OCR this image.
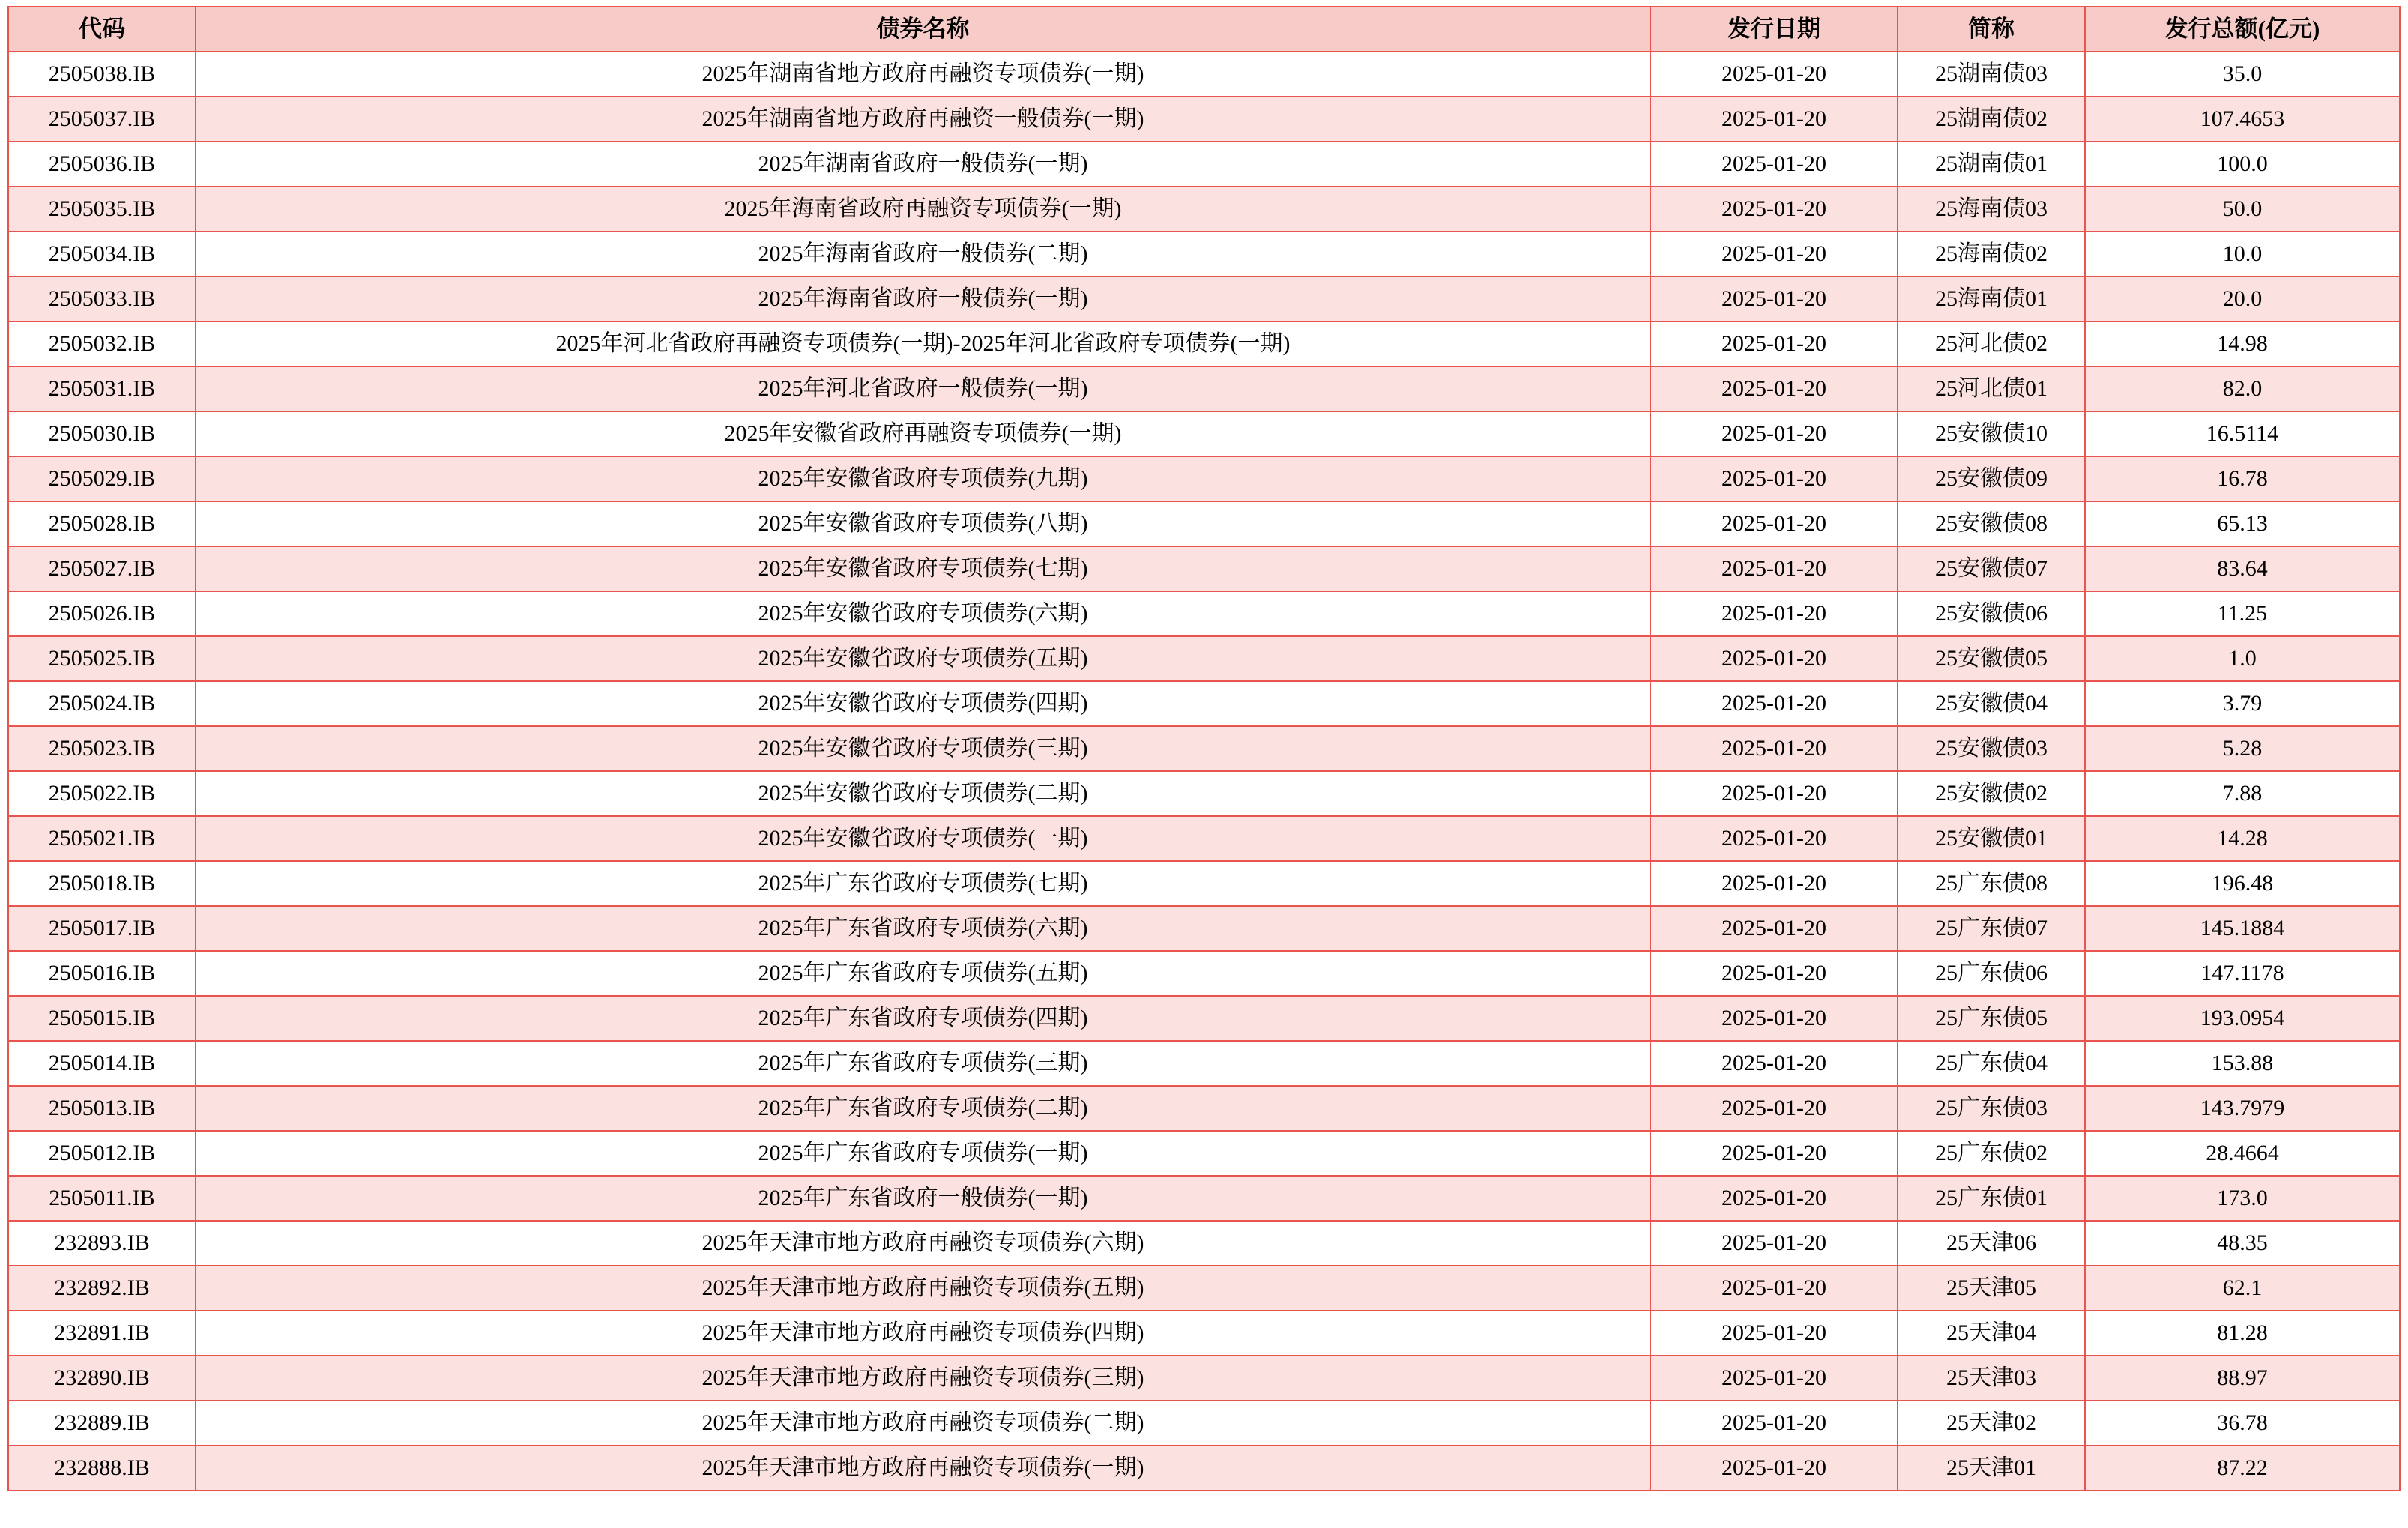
代码	债券名称	发行日期	简称	发行总额(亿元)
2505038.IB	2025年湖南省地方政府再融资专项债券(一期)	2025-01-20	25湖南债03	35.0
2505037.IB	2025年湖南省地方政府再融资一般债券(一期)	2025-01-20	25湖南债02	107.4653
2505036.IB	2025年湖南省政府一般债券(一期)	2025-01-20	25湖南债01	100.0
2505035.IB	2025年海南省政府再融资专项债券(一期)	2025-01-20	25海南债03	50.0
2505034.IB	2025年海南省政府一般债券(二期)	2025-01-20	25海南债02	10.0
2505033.IB	2025年海南省政府一般债券(一期)	2025-01-20	25海南债01	20.0
2505032.IB	2025年河北省政府再融资专项债券(一期)-2025年河北省政府专项债券(一期)	2025-01-20	25河北债02	14.98
2505031.IB	2025年河北省政府一般债券(一期)	2025-01-20	25河北债01	82.0
2505030.IB	2025年安徽省政府再融资专项债券(一期)	2025-01-20	25安徽债10	16.5114
2505029.IB	2025年安徽省政府专项债券(九期)	2025-01-20	25安徽债09	16.78
2505028.IB	2025年安徽省政府专项债券(八期)	2025-01-20	25安徽债08	65.13
2505027.IB	2025年安徽省政府专项债券(七期)	2025-01-20	25安徽债07	83.64
2505026.IB	2025年安徽省政府专项债券(六期)	2025-01-20	25安徽债06	11.25
2505025.IB	2025年安徽省政府专项债券(五期)	2025-01-20	25安徽债05	1.0
2505024.IB	2025年安徽省政府专项债券(四期)	2025-01-20	25安徽债04	3.79
2505023.IB	2025年安徽省政府专项债券(三期)	2025-01-20	25安徽债03	5.28
2505022.IB	2025年安徽省政府专项债券(二期)	2025-01-20	25安徽债02	7.88
2505021.IB	2025年安徽省政府专项债券(一期)	2025-01-20	25安徽债01	14.28
2505018.IB	2025年广东省政府专项债券(七期)	2025-01-20	25广东债08	196.48
2505017.IB	2025年广东省政府专项债券(六期)	2025-01-20	25广东债07	145.1884
2505016.IB	2025年广东省政府专项债券(五期)	2025-01-20	25广东债06	147.1178
2505015.IB	2025年广东省政府专项债券(四期)	2025-01-20	25广东债05	193.0954
2505014.IB	2025年广东省政府专项债券(三期)	2025-01-20	25广东债04	153.88
2505013.IB	2025年广东省政府专项债券(二期)	2025-01-20	25广东债03	143.7979
2505012.IB	2025年广东省政府专项债券(一期)	2025-01-20	25广东债02	28.4664
2505011.IB	2025年广东省政府一般债券(一期)	2025-01-20	25广东债01	173.0
232893.IB	2025年天津市地方政府再融资专项债券(六期)	2025-01-20	25天津06	48.35
232892.IB	2025年天津市地方政府再融资专项债券(五期)	2025-01-20	25天津05	62.1
232891.IB	2025年天津市地方政府再融资专项债券(四期)	2025-01-20	25天津04	81.28
232890.IB	2025年天津市地方政府再融资专项债券(三期)	2025-01-20	25天津03	88.97
232889.IB	2025年天津市地方政府再融资专项债券(二期)	2025-01-20	25天津02	36.78
232888.IB	2025年天津市地方政府再融资专项债券(一期)	2025-01-20	25天津01	87.22
